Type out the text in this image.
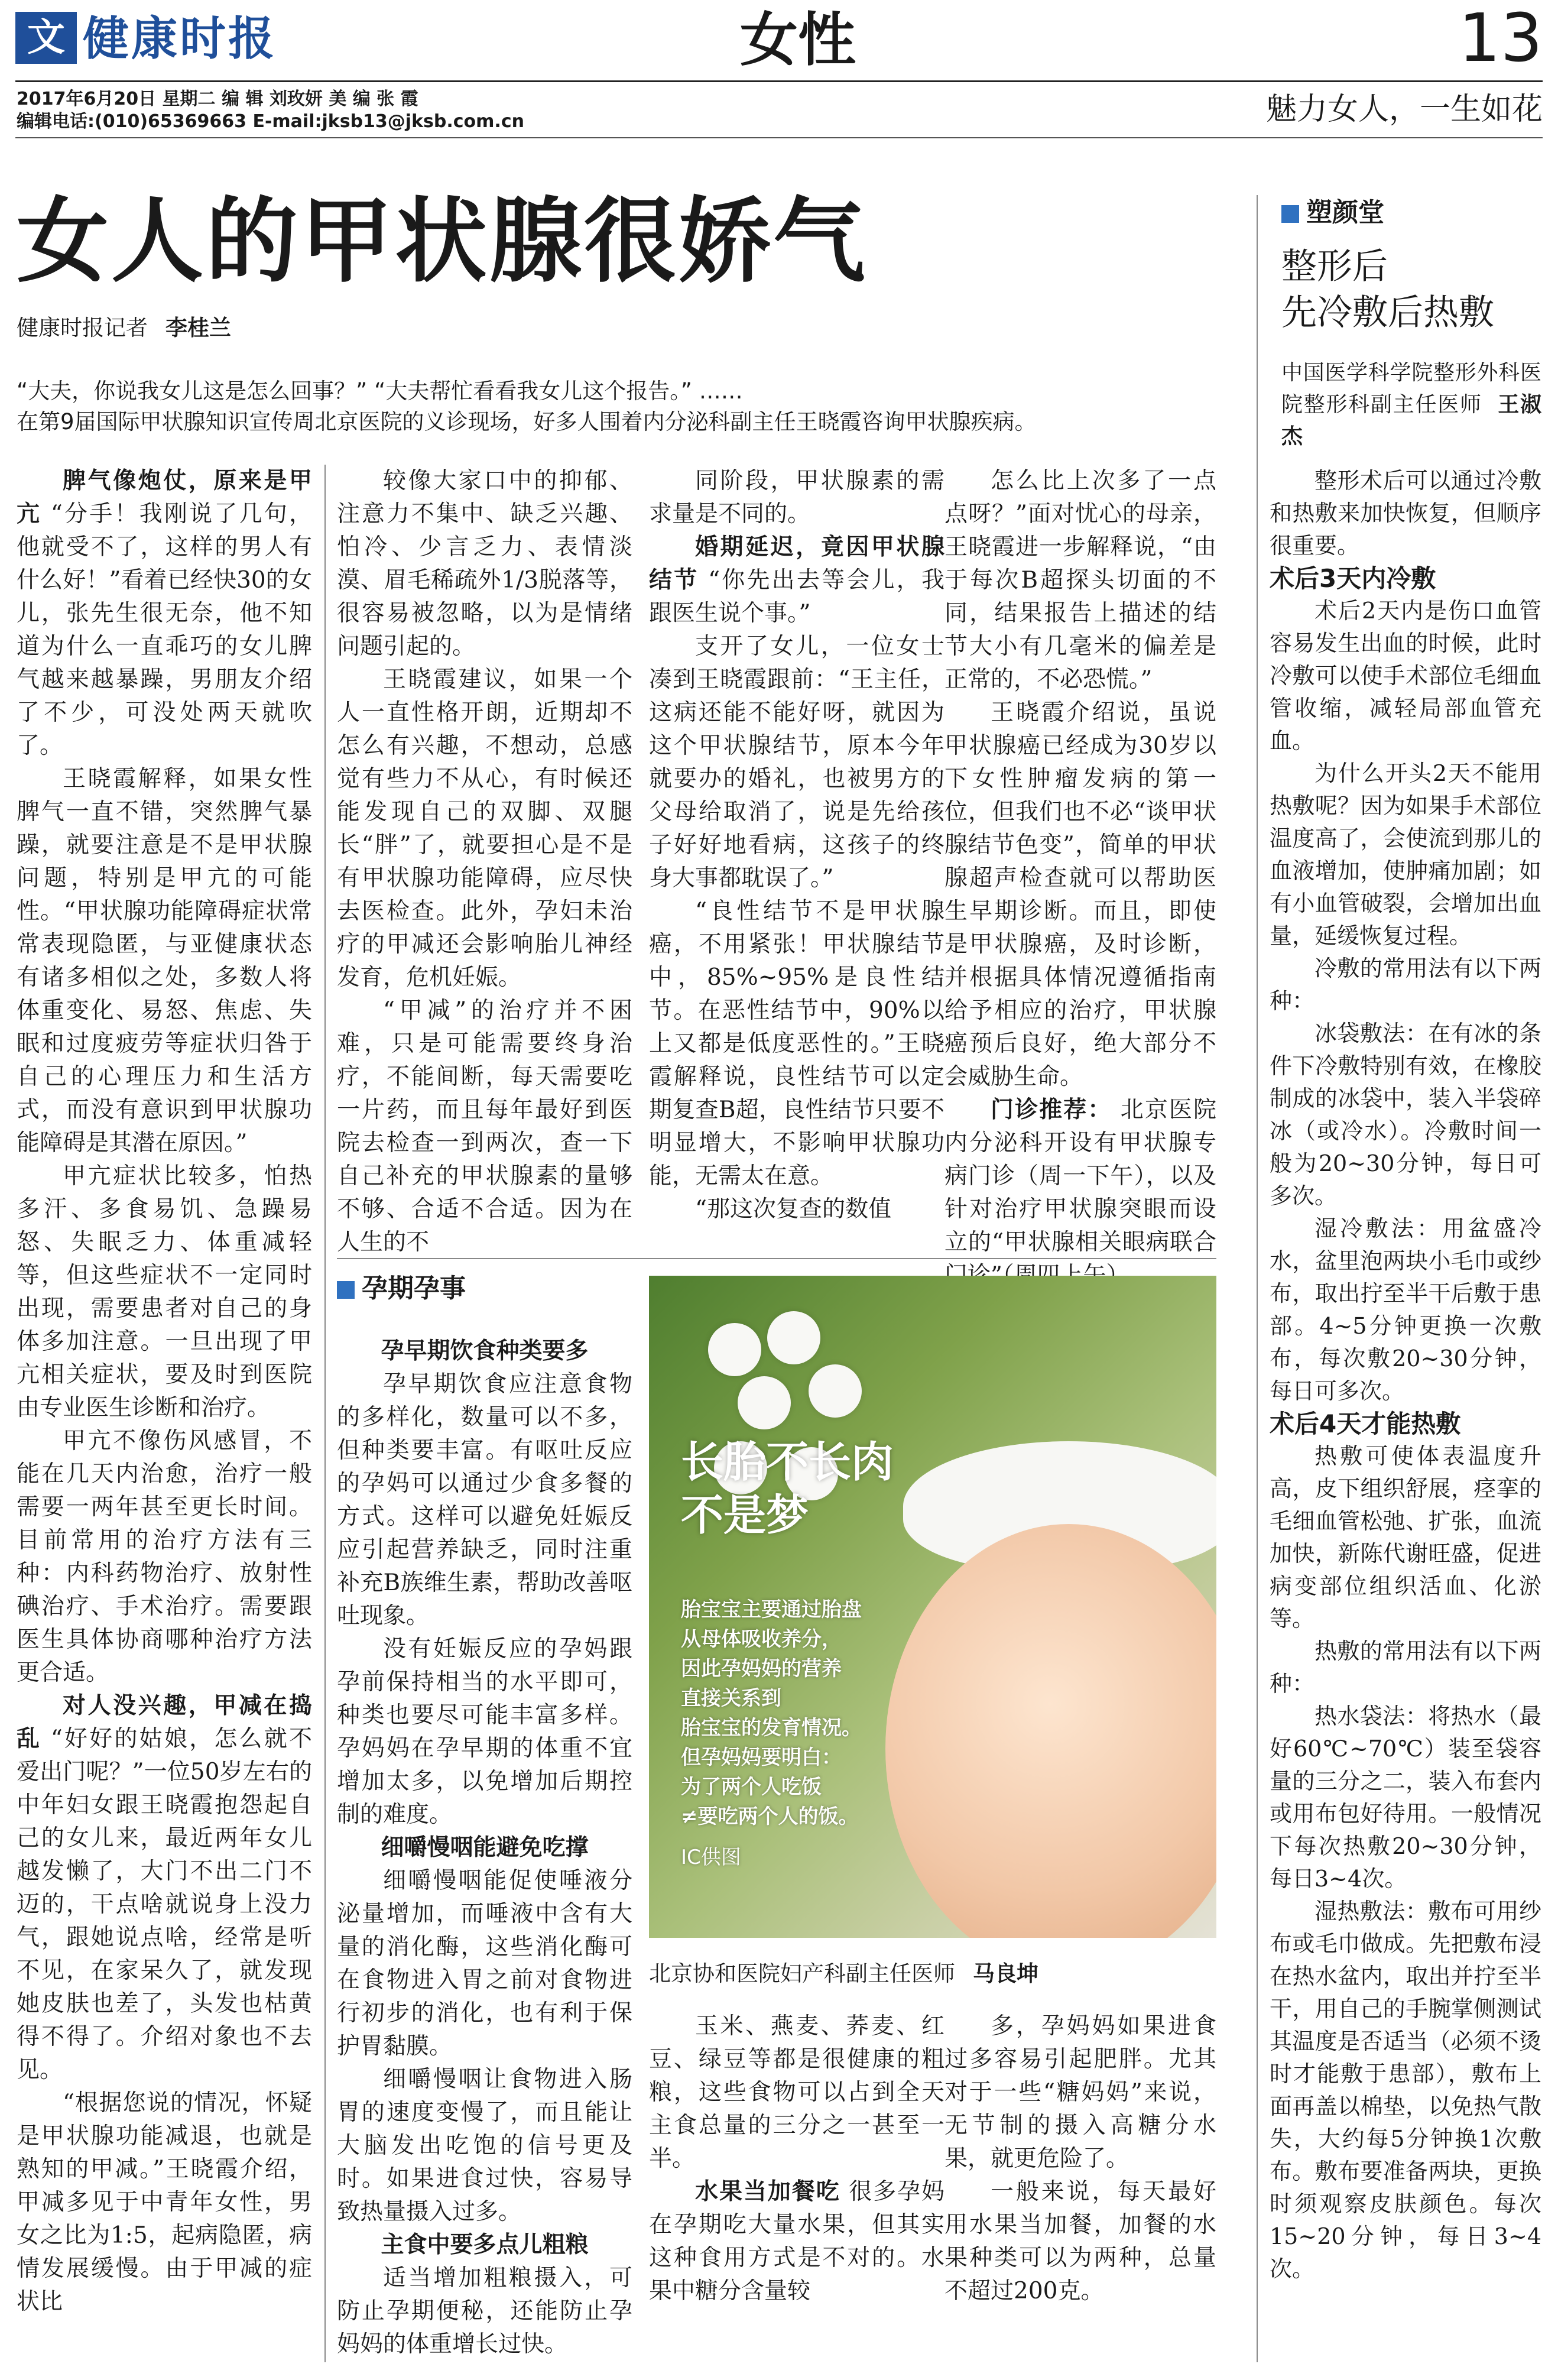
文 健康时报	女性	13
2017年6月20日 星期二 编 辑 刘玫妍 美 编 张 霞
编辑电话:(010)65369663 E-mail:jksb13@jksb.com.cn	魅力女人，一生如花
女人的甲状腺很娇气
健康时报记者 李桂兰
“大夫，你说我女儿这是怎么回事？” “大夫帮忙看看我女儿这个报告。” ……
在第9届国际甲状腺知识宣传周北京医院的义诊现场，好多人围着内分泌科副主任王晓霞咨询甲状腺疾病。

脾气像炮仗，原来是甲亢 “分手！我刚说了几句，他就受不了，这样的男人有什么好！”看着已经快30的女儿，张先生很无奈，他不知道为什么一直乖巧的女儿脾气越来越暴躁，男朋友介绍了不少，可没处两天就吹了。

王晓霞解释，如果女性脾气一直不错，突然脾气暴躁，就要注意是不是甲状腺问题，特别是甲亢的可能性。“甲状腺功能障碍症状常常表现隐匿，与亚健康状态有诸多相似之处，多数人将体重变化、易怒、焦虑、失眠和过度疲劳等症状归咎于自己的心理压力和生活方式，而没有意识到甲状腺功能障碍是其潜在原因。”

甲亢症状比较多，怕热多汗、多食易饥、急躁易怒、失眠乏力、体重减轻等，但这些症状不一定同时出现，需要患者对自己的身体多加注意。一旦出现了甲亢相关症状，要及时到医院由专业医生诊断和治疗。

甲亢不像伤风感冒，不能在几天内治愈，治疗一般需要一两年甚至更长时间。目前常用的治疗方法有三种：内科药物治疗、放射性碘治疗、手术治疗。需要跟医生具体协商哪种治疗方法更合适。

对人没兴趣，甲减在捣乱 “好好的姑娘，怎么就不爱出门呢？”一位50岁左右的中年妇女跟王晓霞抱怨起自己的女儿来，最近两年女儿越发懒了，大门不出二门不迈的，干点啥就说身上没力气，跟她说点啥，经常是听不见，在家呆久了，就发现她皮肤也差了，头发也枯黄得不得了。介绍对象也不去见。

“根据您说的情况，怀疑是甲状腺功能减退，也就是熟知的甲减。”王晓霞介绍，甲减多见于中青年女性，男女之比为1:5，起病隐匿，病情发展缓慢。由于甲减的症状比

较像大家口中的抑郁、注意力不集中、缺乏兴趣、怕冷、少言乏力、表情淡漠、眉毛稀疏外1/3脱落等，很容易被忽略，以为是情绪问题引起的。

王晓霞建议，如果一个人一直性格开朗，近期却不怎么有兴趣，不想动，总感觉有些力不从心，有时候还能发现自己的双脚、双腿长“胖”了，就要担心是不是有甲状腺功能障碍，应尽快去医检查。此外，孕妇未治疗的甲减还会影响胎儿神经发育，危机妊娠。

“甲减”的治疗并不困难，只是可能需要终身治疗，不能间断，每天需要吃一片药，而且每年最好到医院去检查一到两次，查一下自己补充的甲状腺素的量够不够、合适不合适。因为在人生的不

同阶段，甲状腺素的需求量是不同的。

婚期延迟，竟因甲状腺结节 “你先出去等会儿，我跟医生说个事。”

支开了女儿，一位女士凑到王晓霞跟前：“王主任，这病还能不能好呀，就因为这个甲状腺结节，原本今年就要办的婚礼，也被男方的父母给取消了，说是先给孩子好好地看病，这孩子的终身大事都耽误了。”

“良性结节不是甲状腺癌，不用紧张！甲状腺结节中，85%~95%是良性结节。在恶性结节中，90%以上又都是低度恶性的。”王晓霞解释说，良性结节可以定期复查B超，良性结节只要不明显增大，不影响甲状腺功能，无需太在意。

“那这次复查的数值

怎么比上次多了一点点呀？”面对忧心的母亲，王晓霞进一步解释说，“由于每次B超探头切面的不同，结果报告上描述的结节大小有几毫米的偏差是正常的，不必恐慌。”

王晓霞介绍说，虽说甲状腺癌已经成为30岁以下女性肿瘤发病的第一位，但我们也不必“谈甲状腺结节色变”，简单的甲状腺超声检查就可以帮助医生早期诊断。而且，即使是甲状腺癌，及时诊断，并根据具体情况遵循指南给予相应的治疗，甲状腺癌预后良好，绝大部分不会威胁生命。

门诊推荐： 北京医院内分泌科开设有甲状腺专病门诊（周一下午），以及针对治疗甲状腺突眼而设立的“甲状腺相关眼病联合

孕期孕事

孕早期饮食种类要多

孕早期饮食应注意食物的多样化，数量可以不多，但种类要丰富。有呕吐反应的孕妈可以通过少食多餐的方式。这样可以避免妊娠反应引起营养缺乏，同时注重补充B族维生素，帮助改善呕吐现象。

没有妊娠反应的孕妈跟孕前保持相当的水平即可，种类也要尽可能丰富多样。孕妈妈在孕早期的体重不宜增加太多，以免增加后期控制的难度。

细嚼慢咽能避免吃撑

细嚼慢咽能促使唾液分泌量增加，而唾液中含有大量的消化酶，这些消化酶可在食物进入胃之前对食物进行初步的消化，也有利于保护胃黏膜。

细嚼慢咽让食物进入肠胃的速度变慢了，而且能让大脑发出吃饱的信号更及时。如果进食过快，容易导致热量摄入过多。

主食中要多点儿粗粮

适当增加粗粮摄入，可防止孕期便秘，还能防止孕妈妈的体重增长过快。

长胎不长肉
不是梦
胎宝宝主要通过胎盘
从母体吸收养分，
因此孕妈妈的营养
直接关系到
胎宝宝的发育情况。
但孕妈妈要明白：
为了两个人吃饭
≠要吃两个人的饭。
IC供图
北京协和医院妇产科副主任医师 马良坤

玉米、燕麦、荞麦、红豆、绿豆等都是很健康的粗粮，这些食物可以占到全天主食总量的三分之一甚至一半。

水果当加餐吃 很多孕妈在孕期吃大量水果，但其实这种食用方式是不对的。水果中糖分含量较

多，孕妈妈如果进食过多容易引起肥胖。尤其对于一些“糖妈妈”来说，无节制的摄入高糖分水果，就更危险了。

一般来说，每天最好用水果当加餐，加餐的水果种类可以为两种，总量不超过200克。

塑颜堂
整形后
先冷敷后热敷
中国医学科学院整形外科医院整形科副主任医师 王淑杰

整形术后可以通过冷敷和热敷来加快恢复，但顺序很重要。

术后3天内冷敷

术后2天内是伤口血管容易发生出血的时候，此时冷敷可以使手术部位毛细血管收缩，减轻局部血管充血。

为什么开头2天不能用热敷呢？因为如果手术部位温度高了，会使流到那儿的血液增加，使肿痛加剧；如有小血管破裂，会增加出血量，延缓恢复过程。

冷敷的常用法有以下两种：

冰袋敷法：在有冰的条件下冷敷特别有效，在橡胶制成的冰袋中，装入半袋碎冰（或冷水）。冷敷时间一般为20~30分钟，每日可多次。

湿冷敷法：用盆盛冷水，盆里泡两块小毛巾或纱布，取出拧至半干后敷于患部。4~5分钟更换一次敷布，每次敷20~30分钟，每日可多次。

术后4天才能热敷

热敷可使体表温度升高，皮下组织舒展，痉挛的毛细血管松弛、扩张，血流加快，新陈代谢旺盛，促进病变部位组织活血、化淤等。

热敷的常用法有以下两种：

热水袋法：将热水（最好60℃~70℃）装至袋容量的三分之二，装入布套内或用布包好待用。一般情况下每次热敷20~30分钟，每日3~4次。

湿热敷法：敷布可用纱布或毛巾做成。先把敷布浸在热水盆内，取出并拧至半干，用自己的手腕掌侧测试其温度是否适当（必须不烫时才能敷于患部），敷布上面再盖以棉垫，以免热气散失，大约每5分钟换1次敷布。敷布要准备两块，更换时须观察皮肤颜色。每次15~20分钟，每日3~4次。
